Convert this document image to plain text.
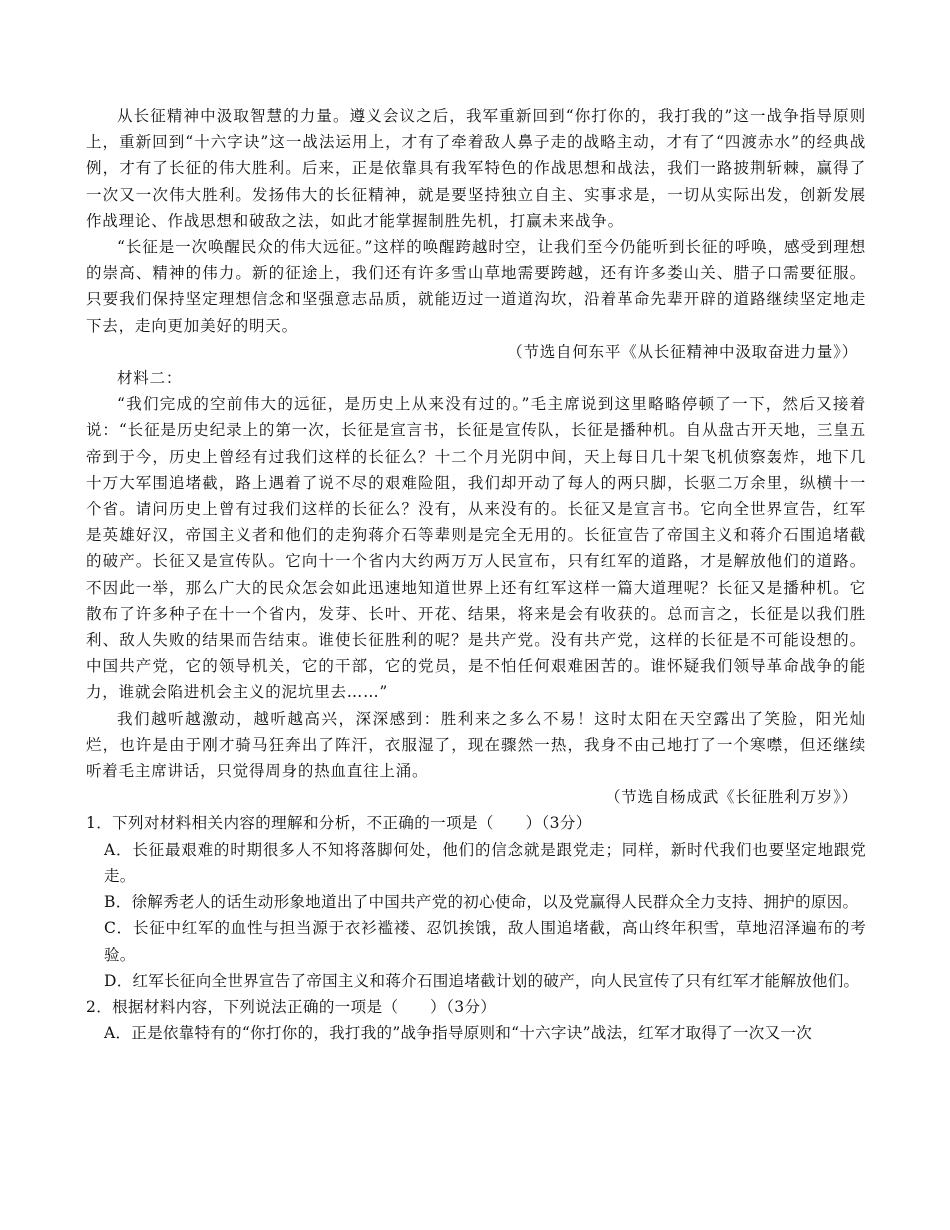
从长征精神中汲取智慧的力量。遵义会议之后，我军重新回到“你打你的，我打我的”这一战争指导原则上，重新回到“十六字诀”这一战法运用上，才有了牵着敌人鼻子走的战略主动，才有了“四渡赤水”的经典战例，才有了长征的伟大胜利。后来，正是依靠具有我军特色的作战思想和战法，我们一路披荆斩棘，赢得了一次又一次伟大胜利。发扬伟大的长征精神，就是要坚持独立自主、实事求是，一切从实际出发，创新发展作战理论、作战思想和破敌之法，如此才能掌握制胜先机，打赢未来战争。

“长征是一次唤醒民众的伟大远征。”这样的唤醒跨越时空，让我们至今仍能听到长征的呼唤，感受到理想的崇高、精神的伟力。新的征途上，我们还有许多雪山草地需要跨越，还有许多娄山关、腊子口需要征服。只要我们保持坚定理想信念和坚强意志品质，就能迈过一道道沟坎，沿着革命先辈开辟的道路继续坚定地走下去，走向更加美好的明天。

（节选自何东平《从长征精神中汲取奋进力量》）

材料二：

“我们完成的空前伟大的远征，是历史上从来没有过的。”毛主席说到这里略略停顿了一下，然后又接着说：“长征是历史纪录上的第一次，长征是宣言书，长征是宣传队，长征是播种机。自从盘古开天地，三皇五帝到于今，历史上曾经有过我们这样的长征么？十二个月光阴中间，天上每日几十架飞机侦察轰炸，地下几十万大军围追堵截，路上遇着了说不尽的艰难险阻，我们却开动了每人的两只脚，长驱二万余里，纵横十一个省。请问历史上曾有过我们这样的长征么？没有，从来没有的。长征又是宣言书。它向全世界宣告，红军是英雄好汉，帝国主义者和他们的走狗蒋介石等辈则是完全无用的。长征宣告了帝国主义和蒋介石围追堵截的破产。长征又是宣传队。它向十一个省内大约两万万人民宣布，只有红军的道路，才是解放他们的道路。不因此一举，那么广大的民众怎会如此迅速地知道世界上还有红军这样一篇大道理呢？长征又是播种机。它散布了许多种子在十一个省内，发芽、长叶、开花、结果，将来是会有收获的。总而言之，长征是以我们胜利、敌人失败的结果而告结束。谁使长征胜利的呢？是共产党。没有共产党，这样的长征是不可能设想的。中国共产党，它的领导机关，它的干部，它的党员，是不怕任何艰难困苦的。谁怀疑我们领导革命战争的能力，谁就会陷进机会主义的泥坑里去……”

我们越听越激动，越听越高兴，深深感到：胜利来之多么不易！这时太阳在天空露出了笑脸，阳光灿烂，也许是由于刚才骑马狂奔出了阵汗，衣服湿了，现在骤然一热，我身不由己地打了一个寒噤，但还继续听着毛主席讲话，只觉得周身的热血直往上涌。

（节选自杨成武《长征胜利万岁》）

1．下列对材料相关内容的理解和分析，不正确的一项是（　　）（3分）

A．长征最艰难的时期很多人不知将落脚何处，他们的信念就是跟党走；同样，新时代我们也要坚定地跟党走。

B．徐解秀老人的话生动形象地道出了中国共产党的初心使命，以及党赢得人民群众全力支持、拥护的原因。

C．长征中红军的血性与担当源于衣衫褴褛、忍饥挨饿，敌人围追堵截，高山终年积雪，草地沼泽遍布的考验。

D．红军长征向全世界宣告了帝国主义和蒋介石围追堵截计划的破产，向人民宣传了只有红军才能解放他们。

2．根据材料内容，下列说法正确的一项是（　　）（3分）

A．正是依靠特有的“你打你的，我打我的”战争指导原则和“十六字诀”战法，红军才取得了一次又一次
